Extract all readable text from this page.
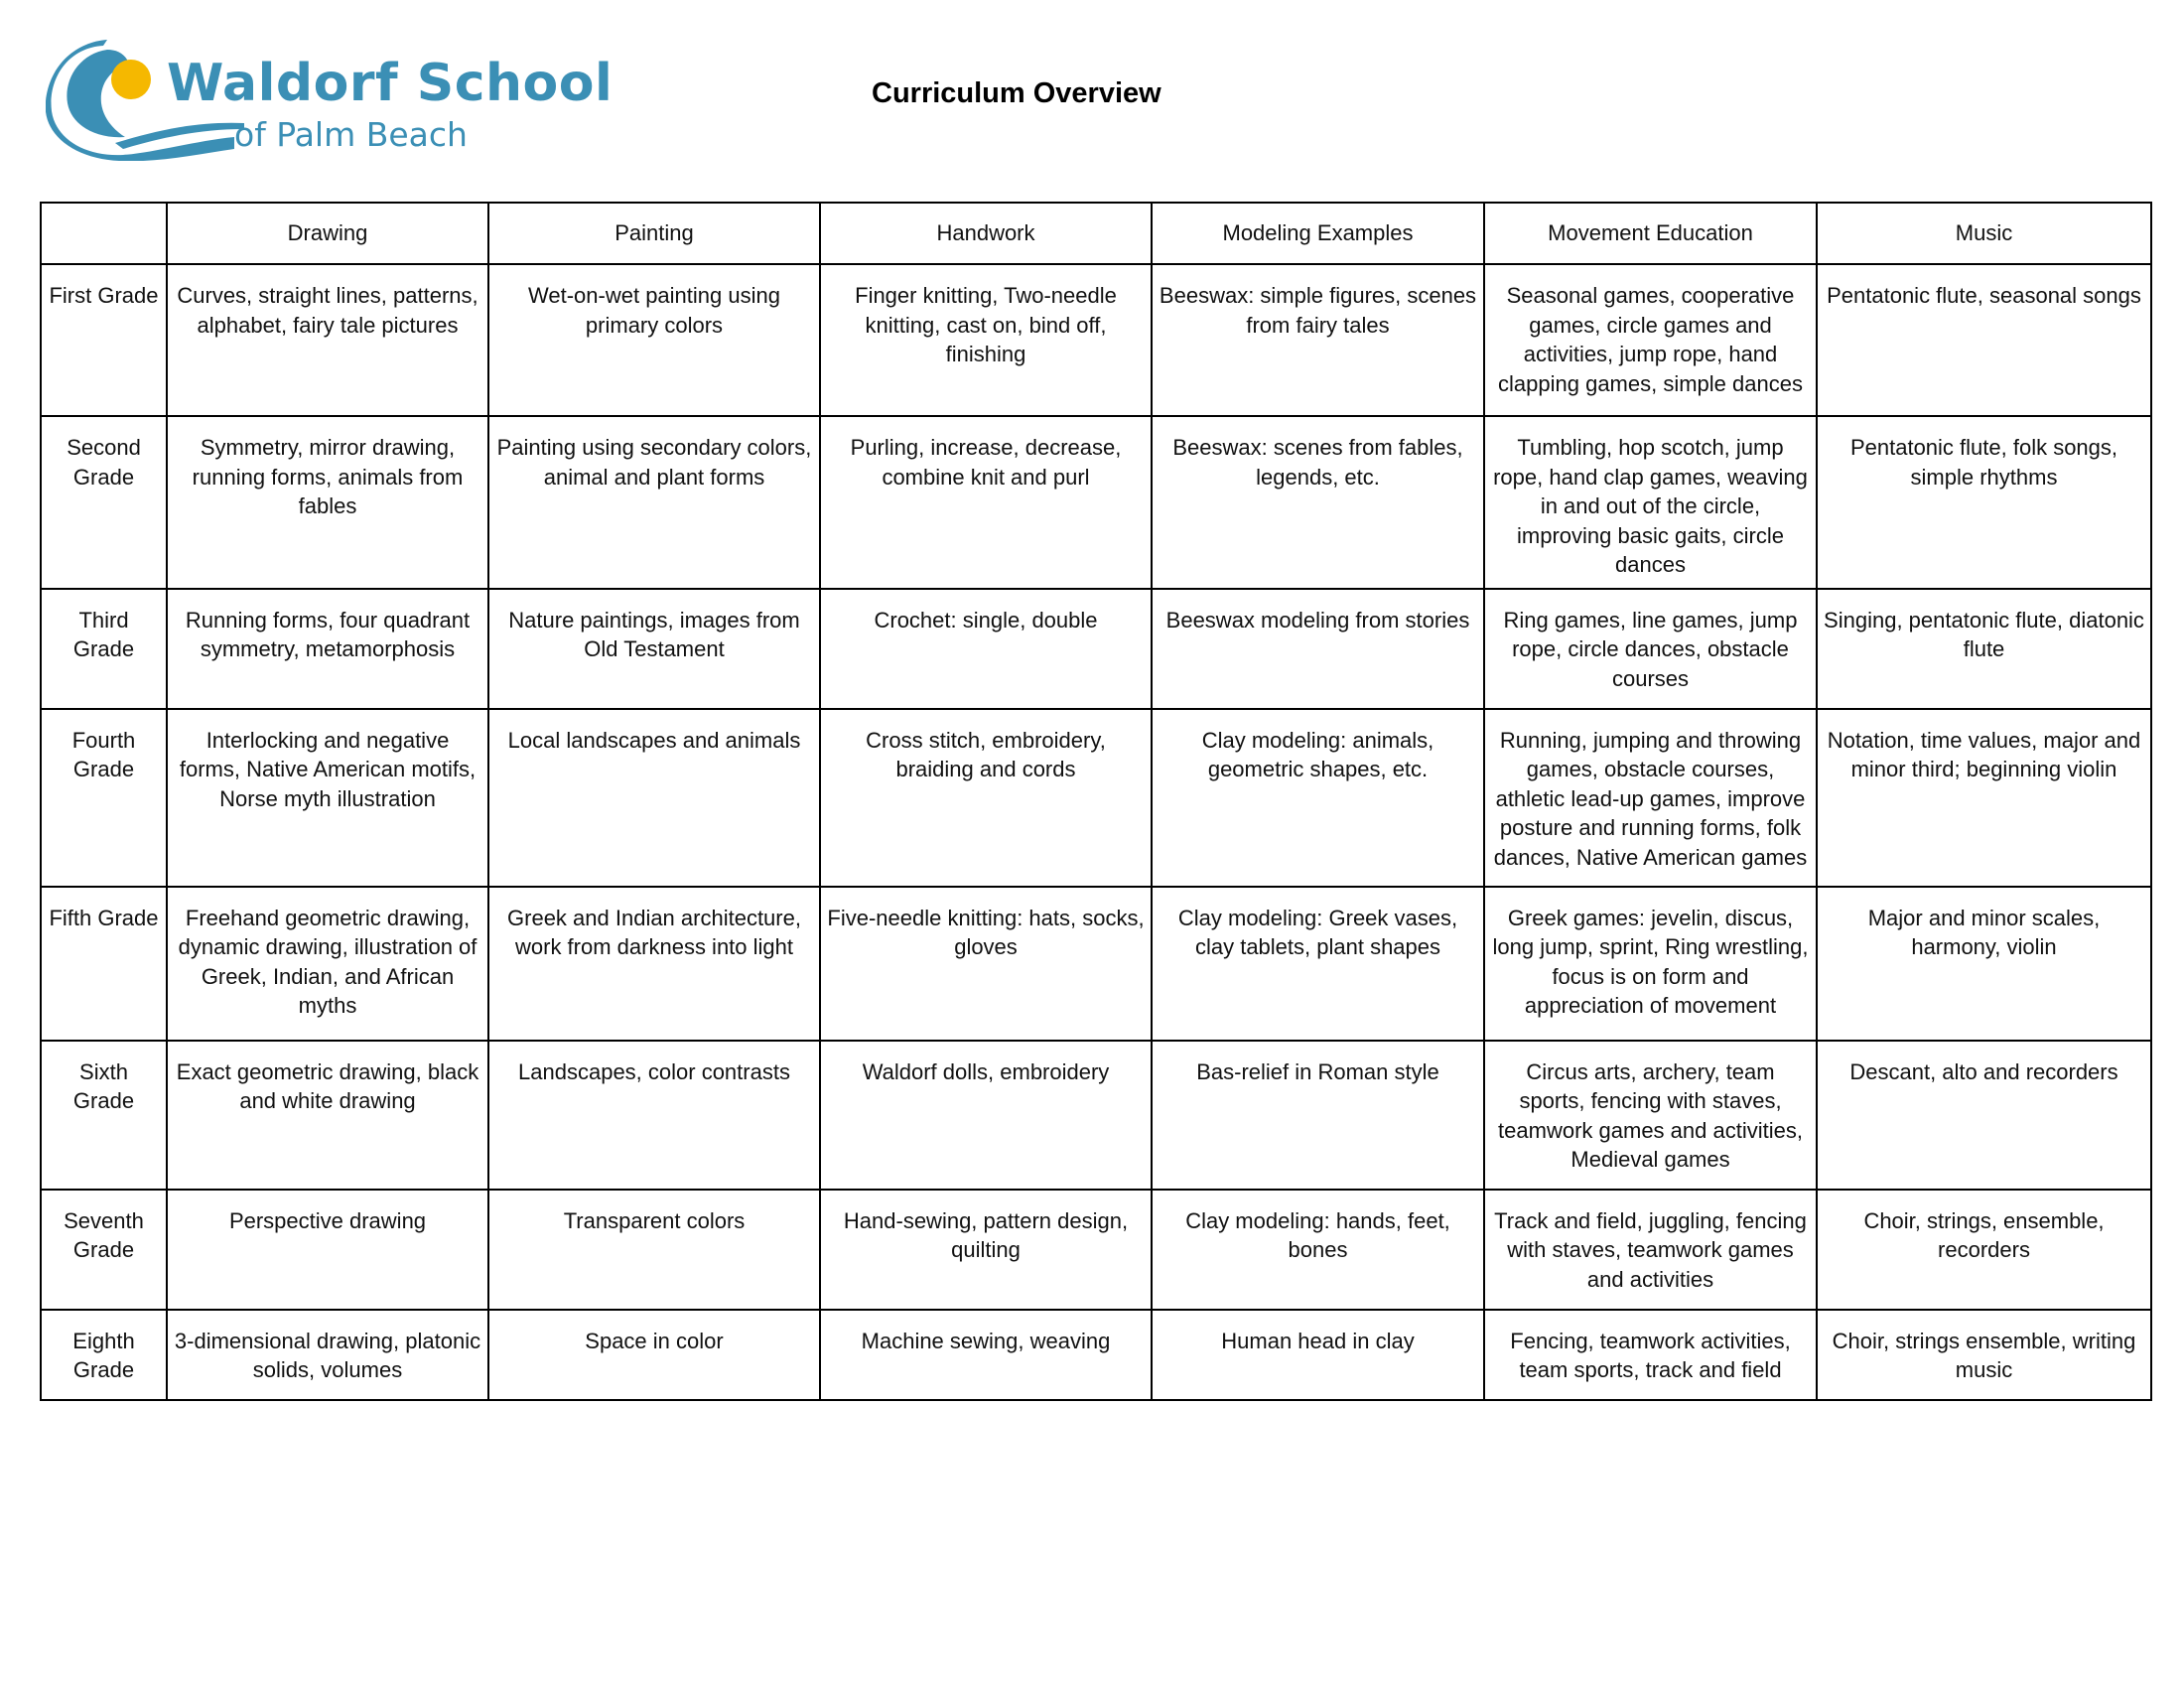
Waldorf School
of Palm Beach
Curriculum Overview
	Drawing	Painting	Handwork	Modeling Examples	Movement Education	Music
First Grade	Curves, straight lines, patterns, alphabet, fairy tale pictures	Wet-on-wet painting using primary colors	Finger knitting, Two-needle knitting, cast on, bind off, finishing	Beeswax: simple figures, scenes from fairy tales	Seasonal games, cooperative games, circle games and activities, jump rope, hand clapping games, simple dances	Pentatonic flute, seasonal songs
Second Grade	Symmetry, mirror drawing, running forms, animals from fables	Painting using secondary colors, animal and plant forms	Purling, increase, decrease, combine knit and purl	Beeswax: scenes from fables, legends, etc.	Tumbling, hop scotch, jump rope, hand clap games, weaving in and out of the circle, improving basic gaits, circle dances	Pentatonic flute, folk songs, simple rhythms
Third Grade	Running forms, four quadrant symmetry, metamorphosis	Nature paintings, images from Old Testament	Crochet: single, double	Beeswax modeling from stories	Ring games, line games, jump rope, circle dances, obstacle courses	Singing, pentatonic flute, diatonic flute
Fourth Grade	Interlocking and negative forms, Native American motifs, Norse myth illustration	Local landscapes and animals	Cross stitch, embroidery, braiding and cords	Clay modeling: animals, geometric shapes, etc.	Running, jumping and throwing games, obstacle courses, athletic lead-up games, improve posture and running forms, folk dances, Native American games	Notation, time values, major and minor third; beginning violin
Fifth Grade	Freehand geometric drawing, dynamic drawing, illustration of Greek, Indian, and African myths	Greek and Indian architecture, work from darkness into light	Five-needle knitting: hats, socks, gloves	Clay modeling: Greek vases, clay tablets, plant shapes	Greek games: jevelin, discus, long jump, sprint, Ring wrestling, focus is on form and appreciation of movement	Major and minor scales, harmony, violin
Sixth Grade	Exact geometric drawing, black and white drawing	Landscapes, color contrasts	Waldorf dolls, embroidery	Bas-relief in Roman style	Circus arts, archery, team sports, fencing with staves, teamwork games and activities, Medieval games	Descant, alto and recorders
Seventh Grade	Perspective drawing	Transparent colors	Hand-sewing, pattern design, quilting	Clay modeling: hands, feet, bones	Track and field, juggling, fencing with staves, teamwork games and activities	Choir, strings, ensemble, recorders
Eighth Grade	3-dimensional drawing, platonic solids, volumes	Space in color	Machine sewing, weaving	Human head in clay	Fencing, teamwork activities, team sports, track and field	Choir, strings ensemble, writing music
